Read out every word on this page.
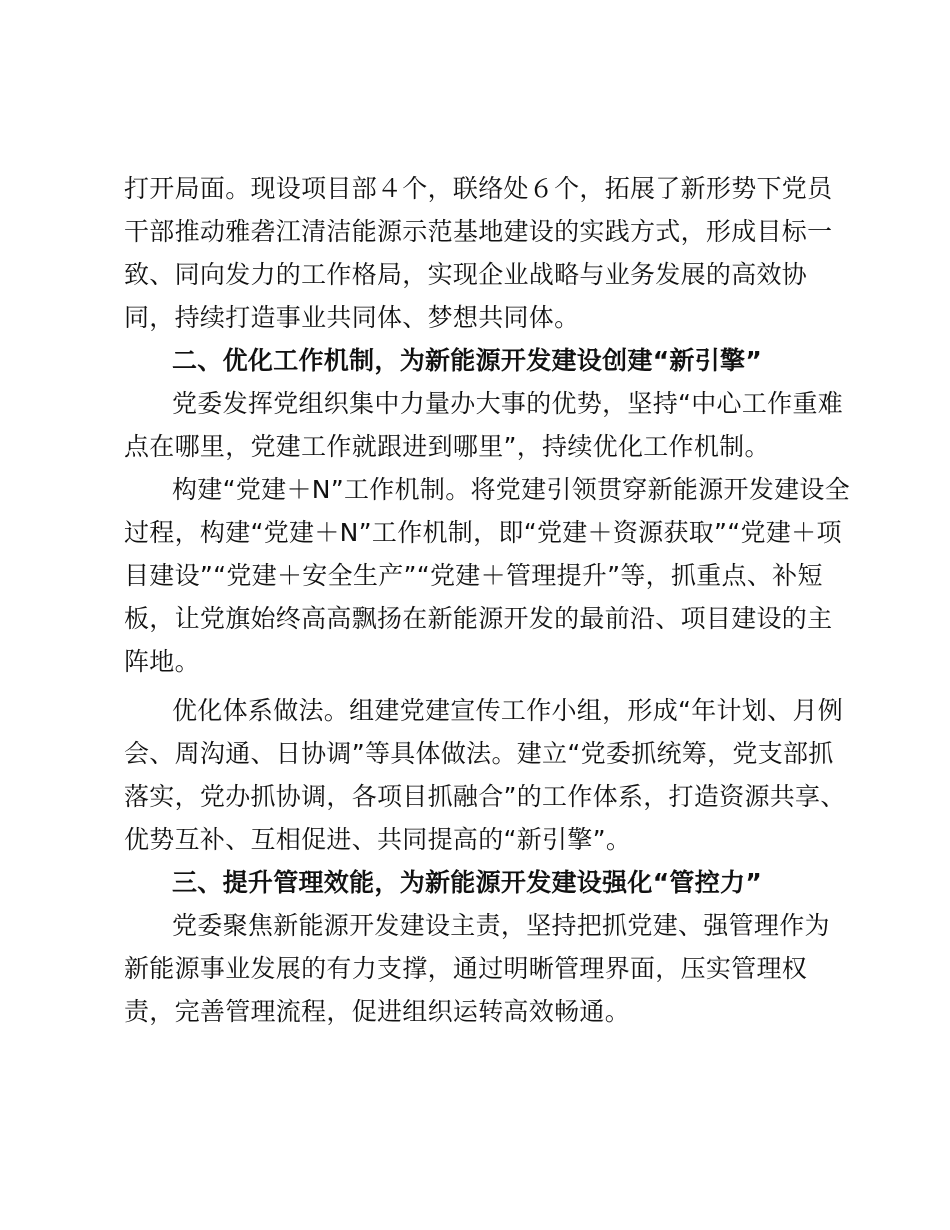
打开局面。现设项目部４个，联络处６个，拓展了新形势下党员
干部推动雅砻江清洁能源示范基地建设的实践方式，形成目标一
致、同向发力的工作格局，实现企业战略与业务发展的高效协
同，持续打造事业共同体、梦想共同体。
二、优化工作机制，为新能源开发建设创建“新引擎”
党委发挥党组织集中力量办大事的优势，坚持“中心工作重难
点在哪里，党建工作就跟进到哪里”，持续优化工作机制。
构建“党建＋N”工作机制。将党建引领贯穿新能源开发建设全
过程，构建“党建＋N”工作机制，即“党建＋资源获取”“党建＋项
目建设”“党建＋安全生产”“党建＋管理提升”等，抓重点、补短
板，让党旗始终高高飘扬在新能源开发的最前沿、项目建设的主
阵地。
优化体系做法。组建党建宣传工作小组，形成“年计划、月例
会、周沟通、日协调”等具体做法。建立“党委抓统筹，党支部抓
落实，党办抓协调，各项目抓融合”的工作体系，打造资源共享、
优势互补、互相促进、共同提高的“新引擎”。
三、提升管理效能，为新能源开发建设强化“管控力”
党委聚焦新能源开发建设主责，坚持把抓党建、强管理作为
新能源事业发展的有力支撑，通过明晰管理界面，压实管理权
责，完善管理流程，促进组织运转高效畅通。
